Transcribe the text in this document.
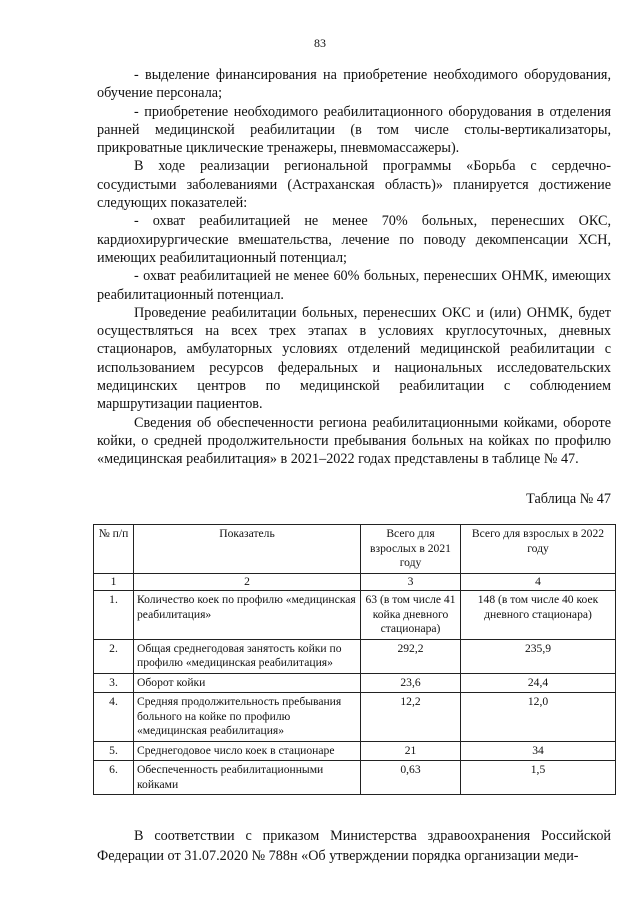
83

- выделение финансирования на приобретение необходимого оборудования, обучение персонала;

- приобретение необходимого реабилитационного оборудования в отделения ранней медицинской реабилитации (в том числе столы-вертикализаторы, прикроватные циклические тренажеры, пневмомассажеры).

В ходе реализации региональной программы «Борьба с сердечно-сосудистыми заболеваниями (Астраханская область)» планируется достижение следующих показателей:

- охват реабилитацией не менее 70% больных, перенесших ОКС, кардиохирургические вмешательства, лечение по поводу декомпенсации ХСН, имеющих реабилитационный потенциал;

- охват реабилитацией не менее 60% больных, перенесших ОНМК, имеющих реабилитационный потенциал.

Проведение реабилитации больных, перенесших ОКС и (или) ОНМК, будет осуществляться на всех трех этапах в условиях круглосуточных, дневных стационаров, амбулаторных условиях отделений медицинской реабилитации с использованием ресурсов федеральных и национальных исследовательских медицинских центров по медицинской реабилитации с соблюдением маршрутизации пациентов.

Сведения об обеспеченности региона реабилитационными койками, обороте койки, о средней продолжительности пребывания больных на койках по профилю «медицинская реабилитация» в 2021–2022 годах представлены в таблице № 47.

Таблица № 47
№ п/п	Показатель	Всего для взрослых в 2021 году	Всего для взрослых в 2022 году
1	2	3	4
1.	Количество коек по профилю «медицинская реабилитация»	63 (в том числе 41 койка дневного стационара)	148 (в том числе 40 коек дневного стационара)
2.	Общая среднегодовая занятость койки по профилю «медицинская реабилитация»	292,2	235,9
3.	Оборот койки	23,6	24,4
4.	Средняя продолжительность пребывания больного на койке по профилю «медицинская реабилитация»	12,2	12,0
5.	Среднегодовое число коек в стационаре	21	34
6.	Обеспеченность реабилитационными койками	0,63	1,5

В соответствии с приказом Министерства здравоохранения Российской Федерации от 31.07.2020 № 788н «Об утверждении порядка организации меди-
